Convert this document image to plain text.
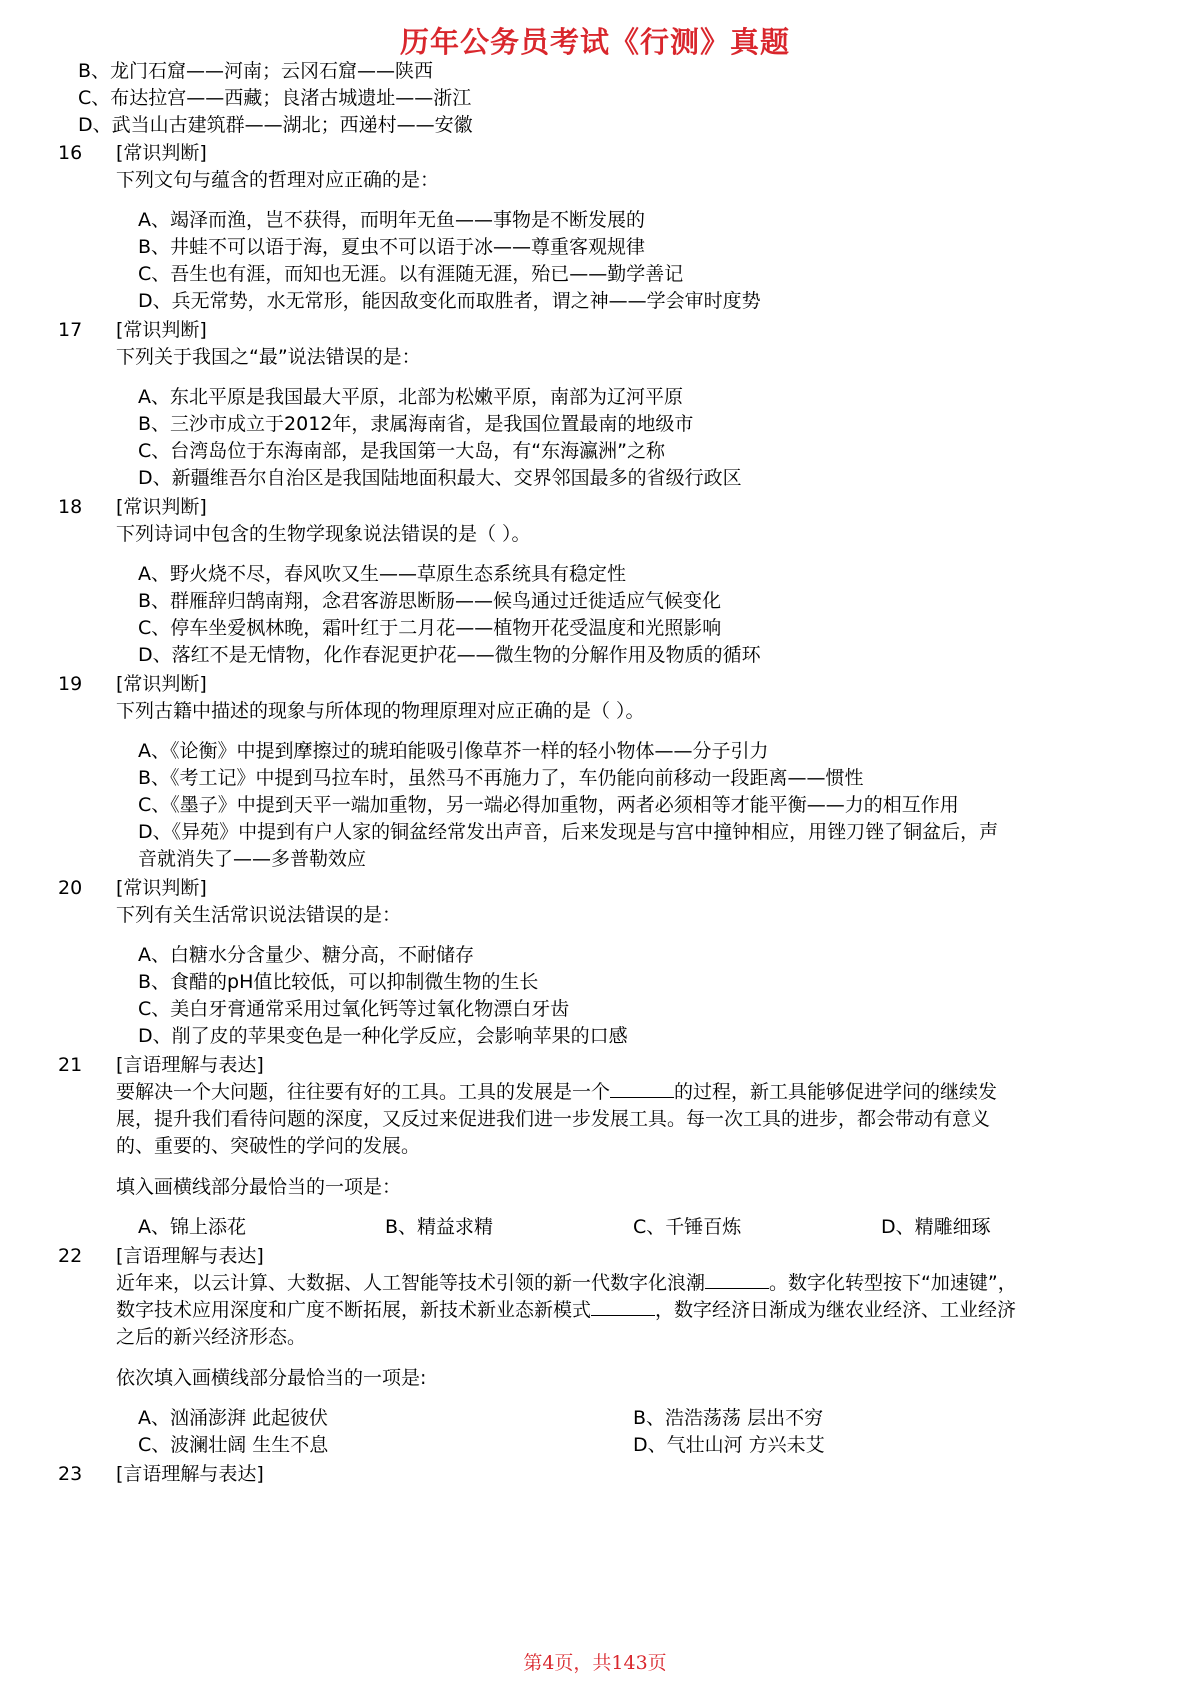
历年公务员考试《行测》真题
B、龙门石窟——河南；云冈石窟——陕西
C、布达拉宫——西藏；良渚古城遗址——浙江
D、武当山古建筑群——湖北；西递村——安徽
16 [常识判断]
下列文句与蕴含的哲理对应正确的是：
A、竭泽而渔，岂不获得，而明年无鱼——事物是不断发展的
B、井蛙不可以语于海，夏虫不可以语于冰——尊重客观规律
C、吾生也有涯，而知也无涯。以有涯随无涯，殆已——勤学善记
D、兵无常势，水无常形，能因敌变化而取胜者，谓之神——学会审时度势
17 [常识判断]
下列关于我国之“最”说法错误的是：
A、东北平原是我国最大平原，北部为松嫩平原，南部为辽河平原
B、三沙市成立于2012年，隶属海南省，是我国位置最南的地级市
C、台湾岛位于东海南部，是我国第一大岛，有“东海瀛洲”之称
D、新疆维吾尔自治区是我国陆地面积最大、交界邻国最多的省级行政区
18 [常识判断]
下列诗词中包含的生物学现象说法错误的是（ ）。
A、野火烧不尽，春风吹又生——草原生态系统具有稳定性
B、群雁辞归鹄南翔，念君客游思断肠——候鸟通过迁徙适应气候变化
C、停车坐爱枫林晚，霜叶红于二月花——植物开花受温度和光照影响
D、落红不是无情物，化作春泥更护花——微生物的分解作用及物质的循环
19 [常识判断]
下列古籍中描述的现象与所体现的物理原理对应正确的是（ ）。
A、《论衡》中提到摩擦过的琥珀能吸引像草芥一样的轻小物体——分子引力
B、《考工记》中提到马拉车时，虽然马不再施力了，车仍能向前移动一段距离——惯性
C、《墨子》中提到天平一端加重物，另一端必得加重物，两者必须相等才能平衡——力的相互作用
D、《异苑》中提到有户人家的铜盆经常发出声音，后来发现是与宫中撞钟相应，用锉刀锉了铜盆后，声
音就消失了——多普勒效应
20 [常识判断]
下列有关生活常识说法错误的是：
A、白糖水分含量少、糖分高，不耐储存
B、食醋的pH值比较低，可以抑制微生物的生长
C、美白牙膏通常采用过氧化钙等过氧化物漂白牙齿
D、削了皮的苹果变色是一种化学反应，会影响苹果的口感
21 [言语理解与表达]
要解决一个大问题，往往要有好的工具。工具的发展是一个	的过程，新工具能够促进学问的继续发
展，提升我们看待问题的深度，又反过来促进我们进一步发展工具。每一次工具的进步，都会带动有意义
的、重要的、突破性的学问的发展。
填入画横线部分最恰当的一项是：
A、锦上添花	B、精益求精	C、千锤百炼	D、精雕细琢
22 [言语理解与表达]
近年来，以云计算、大数据、人工智能等技术引领的新一代数字化浪潮	。数字化转型按下“加速键”，
数字技术应用深度和广度不断拓展，新技术新业态新模式	，数字经济日渐成为继农业经济、工业经济
之后的新兴经济形态。
依次填入画横线部分最恰当的一项是:
A、汹涌澎湃 此起彼伏	B、浩浩荡荡 层出不穷
C、波澜壮阔 生生不息	D、气壮山河 方兴未艾
23 [言语理解与表达]
第4页，共143页
